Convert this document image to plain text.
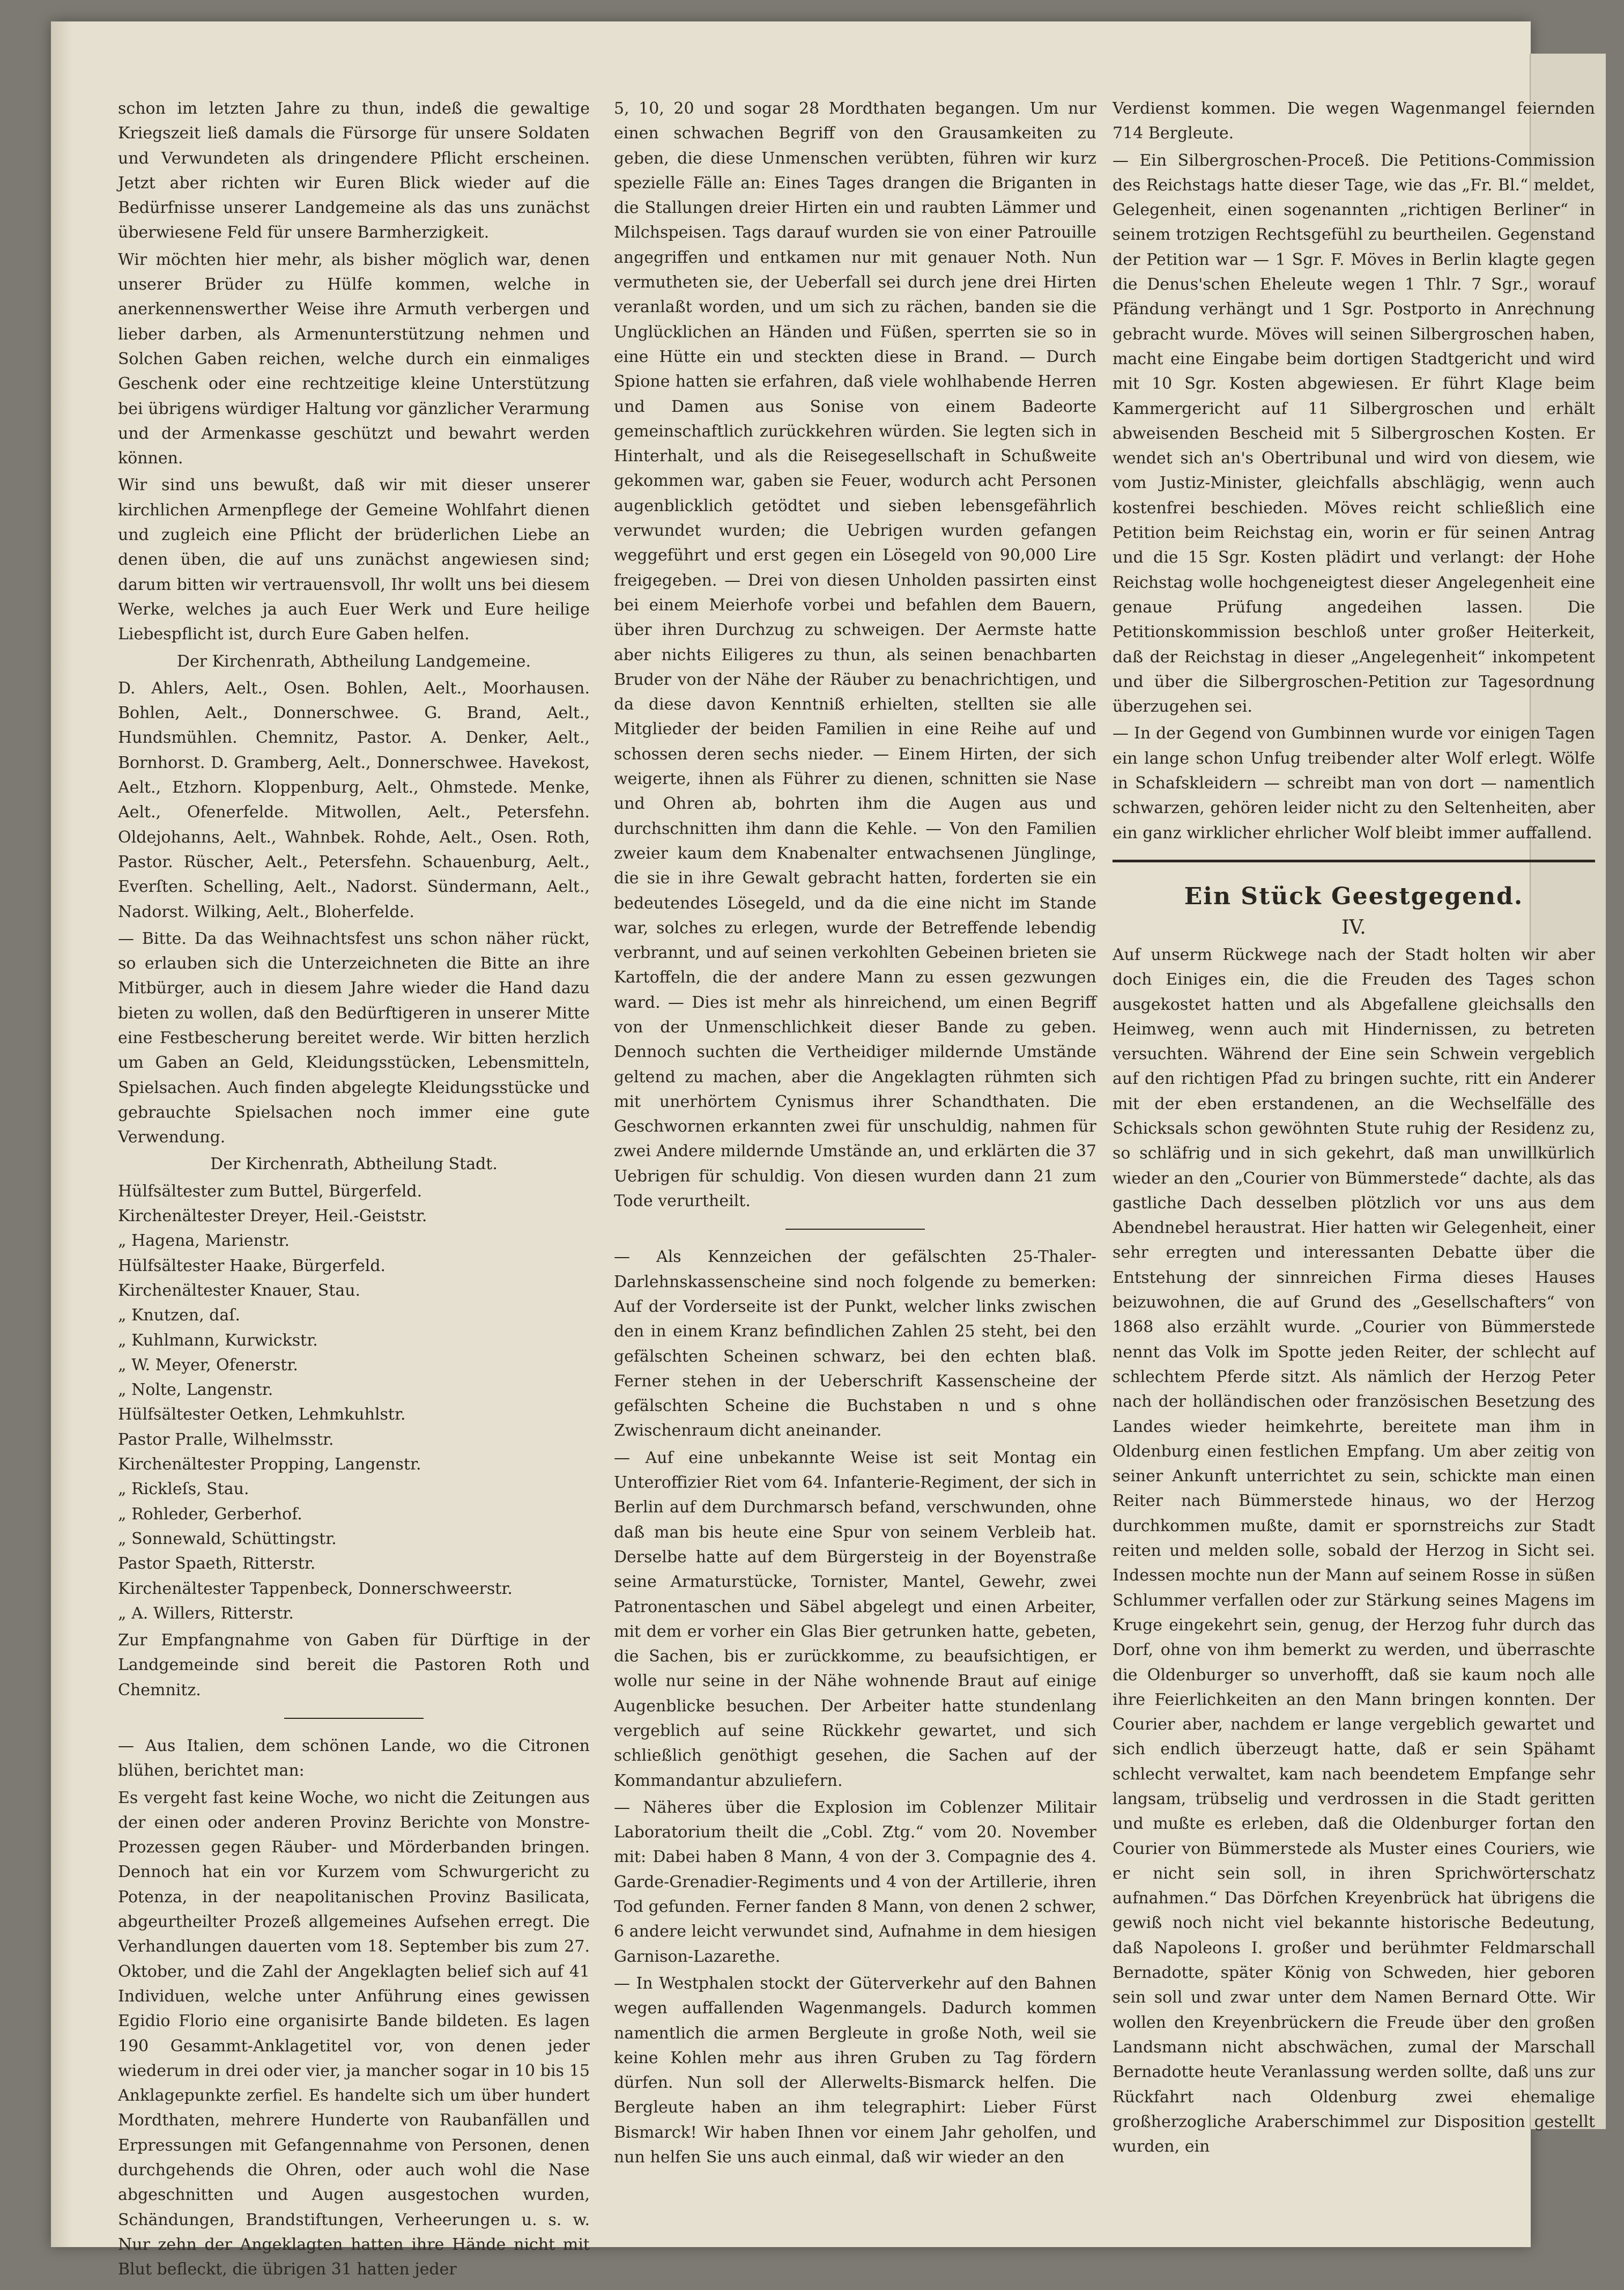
schon im letzten Jahre zu thun, indeß die gewaltige Kriegszeit ließ damals die Fürsorge für unsere Soldaten und Verwundeten als dringendere Pflicht erscheinen. Jetzt aber richten wir Euren Blick wieder auf die Bedürfnisse unserer Landgemeine als das uns zunächst überwiesene Feld für unsere Barmherzigkeit.

Wir möchten hier mehr, als bisher möglich war, denen unserer Brüder zu Hülfe kommen, welche in anerkennenswerther Weise ihre Armuth verbergen und lieber darben, als Armenunterstützung nehmen und Solchen Gaben reichen, welche durch ein einmaliges Geschenk oder eine rechtzeitige kleine Unterstützung bei übrigens würdiger Haltung vor gänzlicher Verarmung und der Armenkasse geschützt und bewahrt werden können.

Wir sind uns bewußt, daß wir mit dieser unserer kirchlichen Armenpflege der Gemeine Wohlfahrt dienen und zugleich eine Pflicht der brüderlichen Liebe an denen üben, die auf uns zunächst angewiesen sind; darum bitten wir vertrauensvoll, Ihr wollt uns bei diesem Werke, welches ja auch Euer Werk und Eure heilige Liebespflicht ist, durch Eure Gaben helfen.

Der Kirchenrath, Abtheilung Landgemeine.

D. Ahlers, Aelt., Osen. Bohlen, Aelt., Moorhausen. Bohlen, Aelt., Donnerschwee. G. Brand, Aelt., Hundsmühlen. Chemnitz, Pastor. A. Denker, Aelt., Bornhorst. D. Gramberg, Aelt., Donnerschwee. Havekost, Aelt., Etzhorn. Kloppenburg, Aelt., Ohmstede. Menke, Aelt., Ofenerfelde. Mitwollen, Aelt., Petersfehn. Oldejohanns, Aelt., Wahnbek. Rohde, Aelt., Osen. Roth, Pastor. Rüscher, Aelt., Petersfehn. Schauenburg, Aelt., Everſten. Schelling, Aelt., Nadorst. Sündermann, Aelt., Nadorst. Wilking, Aelt., Bloherfelde.

— Bitte. Da das Weihnachtsfest uns schon näher rückt, so erlauben sich die Unterzeichneten die Bitte an ihre Mitbürger, auch in diesem Jahre wieder die Hand dazu bieten zu wollen, daß den Bedürftigeren in unserer Mitte eine Festbescherung bereitet werde. Wir bitten herzlich um Gaben an Geld, Kleidungsstücken, Lebensmitteln, Spielsachen. Auch finden abgelegte Kleidungsstücke und gebrauchte Spielsachen noch immer eine gute Verwendung.

Der Kirchenrath, Abtheilung Stadt.

Hülfsältester zum Buttel, Bürgerfeld.
Kirchenältester Dreyer, Heil.-Geiststr.
„ Hagena, Marienstr.
Hülfsältester Haake, Bürgerfeld.
Kirchenältester Knauer, Stau.
„ Knutzen, daſ.
„ Kuhlmann, Kurwickstr.
„ W. Meyer, Ofenerstr.
„ Nolte, Langenstr.
Hülfsältester Oetken, Lehmkuhlstr.
Pastor Pralle, Wilhelmsstr.
Kirchenältester Propping, Langenstr.
„ Rickleſs, Stau.
„ Rohleder, Gerberhof.
„ Sonnewald, Schüttingstr.
Pastor Spaeth, Ritterstr.
Kirchenältester Tappenbeck, Donnerschweerstr.
„ A. Willers, Ritterstr.

Zur Empfangnahme von Gaben für Dürftige in der Landgemeinde sind bereit die Pastoren Roth und Chemnitz.

— Aus Italien, dem schönen Lande, wo die Citronen blühen, berichtet man:

Es vergeht fast keine Woche, wo nicht die Zeitungen aus der einen oder anderen Provinz Berichte von Monstre-Prozessen gegen Räuber- und Mörderbanden bringen. Dennoch hat ein vor Kurzem vom Schwurgericht zu Potenza, in der neapolitanischen Provinz Basilicata, abgeurtheilter Prozeß allgemeines Aufsehen erregt. Die Verhandlungen dauerten vom 18. September bis zum 27. Oktober, und die Zahl der Angeklagten belief sich auf 41 Individuen, welche unter Anführung eines gewissen Egidio Florio eine organisirte Bande bildeten. Es lagen 190 Gesammt-Anklagetitel vor, von denen jeder wiederum in drei oder vier, ja mancher sogar in 10 bis 15 Anklagepunkte zerfiel. Es handelte sich um über hundert Mordthaten, mehrere Hunderte von Raubanfällen und Erpressungen mit Gefangennahme von Personen, denen durchgehends die Ohren, oder auch wohl die Nase abgeschnitten und Augen ausgestochen wurden, Schändungen, Brandstiftungen, Verheerungen u. s. w. Nur zehn der Angeklagten hatten ihre Hände nicht mit Blut befleckt, die übrigen 31 hatten jeder

5, 10, 20 und sogar 28 Mordthaten begangen. Um nur einen schwachen Begriff von den Grausamkeiten zu geben, die diese Unmenschen verübten, führen wir kurz spezielle Fälle an: Eines Tages drangen die Briganten in die Stallungen dreier Hirten ein und raubten Lämmer und Milchspeisen. Tags darauf wurden sie von einer Patrouille angegriffen und entkamen nur mit genauer Noth. Nun vermutheten sie, der Ueberfall sei durch jene drei Hirten veranlaßt worden, und um sich zu rächen, banden sie die Unglücklichen an Händen und Füßen, sperrten sie so in eine Hütte ein und steckten diese in Brand. — Durch Spione hatten sie erfahren, daß viele wohlhabende Herren und Damen aus Sonise von einem Badeorte gemeinschaftlich zurückkehren würden. Sie legten sich in Hinterhalt, und als die Reisegesellschaft in Schußweite gekommen war, gaben sie Feuer, wodurch acht Personen augenblicklich getödtet und sieben lebensgefährlich verwundet wurden; die Uebrigen wurden gefangen weggeführt und erst gegen ein Lösegeld von 90,000 Lire freigegeben. — Drei von diesen Unholden passirten einst bei einem Meierhofe vorbei und befahlen dem Bauern, über ihren Durchzug zu schweigen. Der Aermste hatte aber nichts Eiligeres zu thun, als seinen benachbarten Bruder von der Nähe der Räuber zu benachrichtigen, und da diese davon Kenntniß erhielten, stellten sie alle Mitglieder der beiden Familien in eine Reihe auf und schossen deren sechs nieder. — Einem Hirten, der sich weigerte, ihnen als Führer zu dienen, schnitten sie Nase und Ohren ab, bohrten ihm die Augen aus und durchschnitten ihm dann die Kehle. — Von den Familien zweier kaum dem Knabenalter entwachsenen Jünglinge, die sie in ihre Gewalt gebracht hatten, forderten sie ein bedeutendes Lösegeld, und da die eine nicht im Stande war, solches zu erlegen, wurde der Betreffende lebendig verbrannt, und auf seinen verkohlten Gebeinen brieten sie Kartoffeln, die der andere Mann zu essen gezwungen ward. — Dies ist mehr als hinreichend, um einen Begriff von der Unmenschlichkeit dieser Bande zu geben. Dennoch suchten die Vertheidiger mildernde Umstände geltend zu machen, aber die Angeklagten rühmten sich mit unerhörtem Cynismus ihrer Schandthaten. Die Geschwornen erkannten zwei für unschuldig, nahmen für zwei Andere mildernde Umstände an, und erklärten die 37 Uebrigen für schuldig. Von diesen wurden dann 21 zum Tode verurtheilt.

— Als Kennzeichen der gefälschten 25-Thaler-Darlehnskassenscheine sind noch folgende zu bemerken: Auf der Vorderseite ist der Punkt, welcher links zwischen den in einem Kranz befindlichen Zahlen 25 steht, bei den gefälschten Scheinen schwarz, bei den echten blaß. Ferner stehen in der Ueberschrift Kassenscheine der gefälschten Scheine die Buchstaben n und s ohne Zwischenraum dicht aneinander.

— Auf eine unbekannte Weise ist seit Montag ein Unteroffizier Riet vom 64. Infanterie-Regiment, der sich in Berlin auf dem Durchmarsch befand, verschwunden, ohne daß man bis heute eine Spur von seinem Verbleib hat. Derselbe hatte auf dem Bürgersteig in der Boyenstraße seine Armaturstücke, Tornister, Mantel, Gewehr, zwei Patronentaschen und Säbel abgelegt und einen Arbeiter, mit dem er vorher ein Glas Bier getrunken hatte, gebeten, die Sachen, bis er zurückkomme, zu beaufsichtigen, er wolle nur seine in der Nähe wohnende Braut auf einige Augenblicke besuchen. Der Arbeiter hatte stundenlang vergeblich auf seine Rückkehr gewartet, und sich schließlich genöthigt gesehen, die Sachen auf der Kommandantur abzuliefern.

— Näheres über die Explosion im Coblenzer Militair Laboratorium theilt die „Cobl. Ztg.“ vom 20. November mit: Dabei haben 8 Mann, 4 von der 3. Compagnie des 4. Garde-Grenadier-Regiments und 4 von der Artillerie, ihren Tod gefunden. Ferner fanden 8 Mann, von denen 2 schwer, 6 andere leicht verwundet sind, Aufnahme in dem hiesigen Garnison-Lazarethe.

— In Westphalen stockt der Güterverkehr auf den Bahnen wegen auffallenden Wagenmangels. Dadurch kommen namentlich die armen Bergleute in große Noth, weil sie keine Kohlen mehr aus ihren Gruben zu Tag fördern dürfen. Nun soll der Allerwelts-Bismarck helfen. Die Bergleute haben an ihm telegraphirt: Lieber Fürst Bismarck! Wir haben Ihnen vor einem Jahr geholfen, und nun helfen Sie uns auch einmal, daß wir wieder an den

Verdienst kommen. Die wegen Wagenmangel feiernden 714 Bergleute.

— Ein Silbergroschen-Proceß. Die Petitions-Commission des Reichstags hatte dieser Tage, wie das „Fr. Bl.“ meldet, Gelegenheit, einen sogenannten „richtigen Berliner“ in seinem trotzigen Rechtsgefühl zu beurtheilen. Gegenstand der Petition war — 1 Sgr. F. Möves in Berlin klagte gegen die Denus'schen Eheleute wegen 1 Thlr. 7 Sgr., worauf Pfändung verhängt und 1 Sgr. Postporto in Anrechnung gebracht wurde. Möves will seinen Silbergroschen haben, macht eine Eingabe beim dortigen Stadtgericht und wird mit 10 Sgr. Kosten abgewiesen. Er führt Klage beim Kammergericht auf 11 Silbergroschen und erhält abweisenden Bescheid mit 5 Silbergroschen Kosten. Er wendet sich an's Obertribunal und wird von diesem, wie vom Justiz-Minister, gleichfalls abschlägig, wenn auch kostenfrei beschieden. Möves reicht schließlich eine Petition beim Reichstag ein, worin er für seinen Antrag und die 15 Sgr. Kosten plädirt und verlangt: der Hohe Reichstag wolle hochgeneigtest dieser Angelegenheit eine genaue Prüfung angedeihen lassen. Die Petitionskommission beschloß unter großer Heiterkeit, daß der Reichstag in dieser „Angelegenheit“ inkompetent und über die Silbergroschen-Petition zur Tagesordnung überzugehen sei.

— In der Gegend von Gumbinnen wurde vor einigen Tagen ein lange schon Unfug treibender alter Wolf erlegt. Wölfe in Schafskleidern — schreibt man von dort — namentlich schwarzen, gehören leider nicht zu den Seltenheiten, aber ein ganz wirklicher ehrlicher Wolf bleibt immer auffallend.

Ein Stück Geestgegend.

IV.

Auf unserm Rückwege nach der Stadt holten wir aber doch Einiges ein, die die Freuden des Tages schon ausgekostet hatten und als Abgefallene gleichsalls den Heimweg, wenn auch mit Hindernissen, zu betreten versuchten. Während der Eine sein Schwein vergeblich auf den richtigen Pfad zu bringen suchte, ritt ein Anderer mit der eben erstandenen, an die Wechselfälle des Schicksals schon gewöhnten Stute ruhig der Residenz zu, so schläfrig und in sich gekehrt, daß man unwillkürlich wieder an den „Courier von Bümmerstede“ dachte, als das gastliche Dach desselben plötzlich vor uns aus dem Abendnebel heraustrat. Hier hatten wir Gelegenheit, einer sehr erregten und interessanten Debatte über die Entstehung der sinnreichen Firma dieses Hauses beizuwohnen, die auf Grund des „Gesellschafters“ von 1868 also erzählt wurde. „Courier von Bümmerstede nennt das Volk im Spotte jeden Reiter, der schlecht auf schlechtem Pferde sitzt. Als nämlich der Herzog Peter nach der holländischen oder französischen Besetzung des Landes wieder heimkehrte, bereitete man ihm in Oldenburg einen festlichen Empfang. Um aber zeitig von seiner Ankunft unterrichtet zu sein, schickte man einen Reiter nach Bümmerstede hinaus, wo der Herzog durchkommen mußte, damit er spornstreichs zur Stadt reiten und melden solle, sobald der Herzog in Sicht sei. Indessen mochte nun der Mann auf seinem Rosse in süßen Schlummer verfallen oder zur Stärkung seines Magens im Kruge eingekehrt sein, genug, der Herzog fuhr durch das Dorf, ohne von ihm bemerkt zu werden, und überraschte die Oldenburger so unverhofft, daß sie kaum noch alle ihre Feierlichkeiten an den Mann bringen konnten. Der Courier aber, nachdem er lange vergeblich gewartet und sich endlich überzeugt hatte, daß er sein Spähamt schlecht verwaltet, kam nach beendetem Empfange sehr langsam, trübselig und verdrossen in die Stadt geritten und mußte es erleben, daß die Oldenburger fortan den Courier von Bümmerstede als Muster eines Couriers, wie er nicht sein soll, in ihren Sprichwörterschatz aufnahmen.“ Das Dörfchen Kreyenbrück hat übrigens die gewiß noch nicht viel bekannte historische Bedeutung, daß Napoleons I. großer und berühmter Feldmarschall Bernadotte, später König von Schweden, hier geboren sein soll und zwar unter dem Namen Bernard Otte. Wir wollen den Kreyenbrückern die Freude über den großen Landsmann nicht abschwächen, zumal der Marschall Bernadotte heute Veranlassung werden sollte, daß uns zur Rückfahrt nach Oldenburg zwei ehemalige großherzogliche Araberschimmel zur Disposition gestellt wurden, ein
